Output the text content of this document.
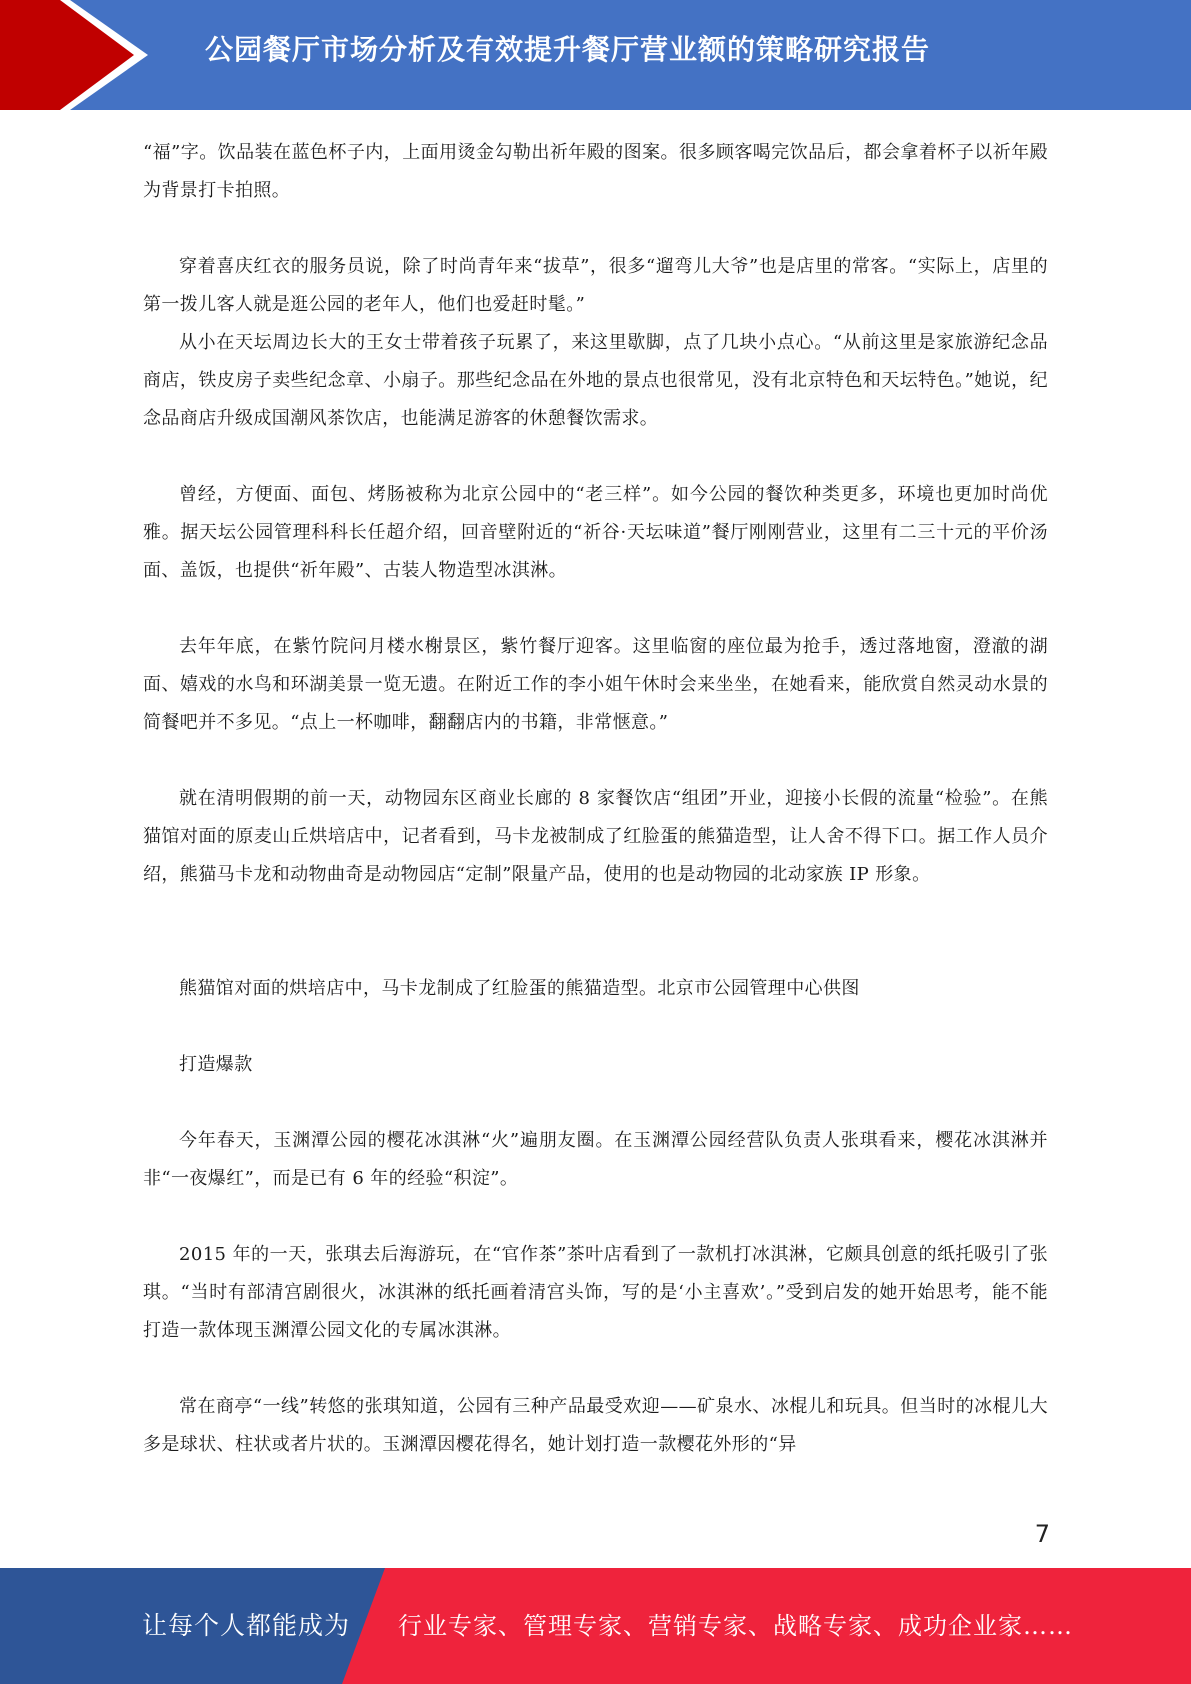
公园餐厅市场分析及有效提升餐厅营业额的策略研究报告

“福”字。饮品装在蓝色杯子内，上面用烫金勾勒出祈年殿的图案。很多顾客喝完饮品后，都会拿着杯子以祈年殿为背景打卡拍照。

穿着喜庆红衣的服务员说，除了时尚青年来“拔草”，很多“遛弯儿大爷”也是店里的常客。“实际上，店里的第一拨儿客人就是逛公园的老年人，他们也爱赶时髦。”

从小在天坛周边长大的王女士带着孩子玩累了，来这里歇脚，点了几块小点心。“从前这里是家旅游纪念品商店，铁皮房子卖些纪念章、小扇子。那些纪念品在外地的景点也很常见，没有北京特色和天坛特色。”她说，纪念品商店升级成国潮风茶饮店，也能满足游客的休憩餐饮需求。

曾经，方便面、面包、烤肠被称为北京公园中的“老三样”。如今公园的餐饮种类更多，环境也更加时尚优雅。据天坛公园管理科科长任超介绍，回音壁附近的“祈谷·天坛味道”餐厅刚刚营业，这里有二三十元的平价汤面、盖饭，也提供“祈年殿”、古装人物造型冰淇淋。

去年年底，在紫竹院问月楼水榭景区，紫竹餐厅迎客。这里临窗的座位最为抢手，透过落地窗，澄澈的湖面、嬉戏的水鸟和环湖美景一览无遗。在附近工作的李小姐午休时会来坐坐，在她看来，能欣赏自然灵动水景的简餐吧并不多见。“点上一杯咖啡，翻翻店内的书籍，非常惬意。”

就在清明假期的前一天，动物园东区商业长廊的 8 家餐饮店“组团”开业，迎接小长假的流量“检验”。在熊猫馆对面的原麦山丘烘培店中，记者看到，马卡龙被制成了红脸蛋的熊猫造型，让人舍不得下口。据工作人员介绍，熊猫马卡龙和动物曲奇是动物园店“定制”限量产品，使用的也是动物园的北动家族 IP 形象。

熊猫馆对面的烘培店中，马卡龙制成了红脸蛋的熊猫造型。北京市公园管理中心供图

打造爆款

今年春天，玉渊潭公园的樱花冰淇淋“火”遍朋友圈。在玉渊潭公园经营队负责人张琪看来，樱花冰淇淋并非“一夜爆红”，而是已有 6 年的经验“积淀”。

2015 年的一天，张琪去后海游玩，在“官作茶”茶叶店看到了一款机打冰淇淋，它颇具创意的纸托吸引了张琪。“当时有部清宫剧很火，冰淇淋的纸托画着清宫头饰，写的是‘小主喜欢’。”受到启发的她开始思考，能不能打造一款体现玉渊潭公园文化的专属冰淇淋。

常在商亭“一线”转悠的张琪知道，公园有三种产品最受欢迎——矿泉水、冰棍儿和玩具。但当时的冰棍儿大多是球状、柱状或者片状的。玉渊潭因樱花得名，她计划打造一款樱花外形的“异

7
让每个人都能成为 行业专家、管理专家、营销专家、战略专家、成功企业家……
